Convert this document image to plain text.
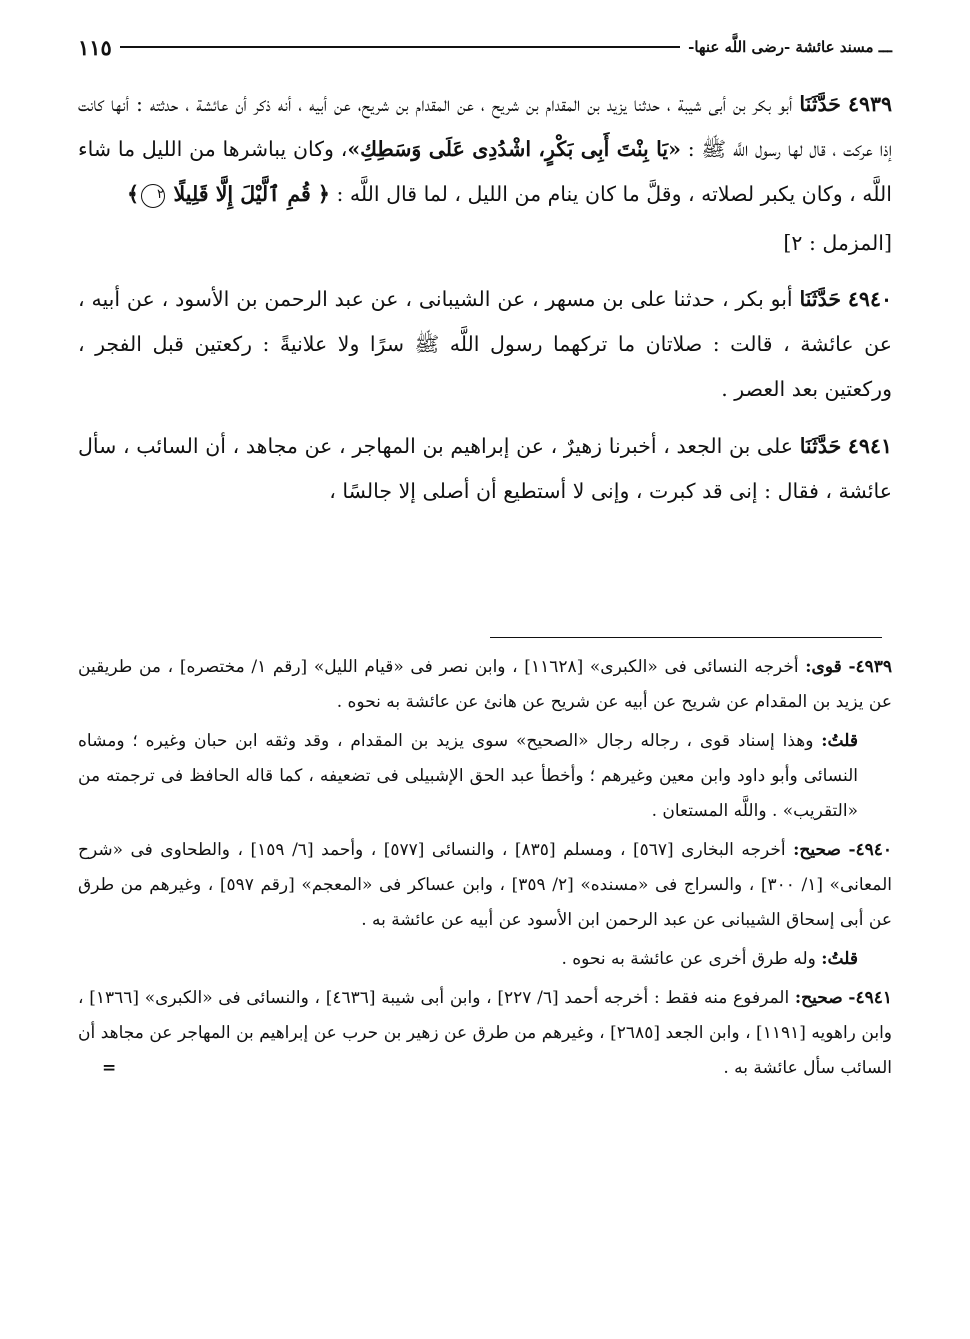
ـــ مسند عائشة -رضى اللَّه عنها-
١١٥

٤٩٣٩ حَدَّثَنَا أبو بكر بن أبى شيبة ، حدثنا يزيد بن المقدام بن شريح ، عن المقدام بن شريح، عن أبيه ، أنه ذكر أن عائشة ، حدثته : أنها كانت إذا عركت ، قال لها رسول اللَّه ﷺ : «يَا بِنْتَ أَبِى بَكْرٍ، اشْدُدِى عَلَى وَسَطِكِ»، وكان يباشرها من الليل ما شاء اللَّه ، وكان يكبر لصلاته ، وقلَّ ما كان ينام من الليل ، لما قال اللَّه : ﴿ قُمِ ٱلَّيْلَ إِلَّا قَلِيلًا ٢﴾

[المزمل : ٢]

٤٩٤٠ حَدَّثَنَا أبو بكر ، حدثنا على بن مسهر ، عن الشيبانى ، عن عبد الرحمن بن الأسود ، عن أبيه ، عن عائشة ، قالت : صلاتان ما تركهما رسول اللَّه ﷺ سرًا ولا علانيةً : ركعتين قبل الفجر ، وركعتين بعد العصر .

٤٩٤١ حَدَّثَنَا على بن الجعد ، أخبرنا زهيرٌ ، عن إبراهيم بن المهاجر ، عن مجاهد ، أن السائب ، سأل عائشة ، فقال : إنى قد كبرت ، وإنى لا أستطيع أن أصلى إلا جالسًا ،

٤٩٣٩- قوى: أخرجه النسائى فى «الكبرى» [١١٦٢٨] ، وابن نصر فى «قيام الليل» [رقم ١/ مختصره] ، من طريقين عن يزيد بن المقدام عن شريح عن أبيه عن شريح عن هانئ عن عائشة به نحوه .

قلتُ: وهذا إسناد قوى ، رجاله رجال «الصحيح» سوى يزيد بن المقدام ، وقد وثقه ابن حبان وغيره ؛ ومشاه النسائى وأبو داود وابن معين وغيرهم ؛ وأخطأ عبد الحق الإشبيلى فى تضعيفه ، كما قاله الحافظ فى ترجمته من «التقريب» . واللَّه المستعان .

٤٩٤٠- صحيح: أخرجه البخارى [٥٦٧] ، ومسلم [٨٣٥] ، والنسائى [٥٧٧] ، وأحمد [٦/ ١٥٩] ، والطحاوى فى «شرح المعانى» [١/ ٣٠٠] ، والسراج فى «مسنده» [٢/ ٣٥٩] ، وابن عساكر فى «المعجم» [رقم ٥٩٧] ، وغيرهم من طرق عن أبى إسحاق الشيبانى عن عبد الرحمن ابن الأسود عن أبيه عن عائشة به .

قلتُ: وله طرق أخرى عن عائشة به نحوه .

٤٩٤١- صحيح: المرفوع منه فقط : أخرجه أحمد [٦/ ٢٢٧] ، وابن أبى شيبة [٤٦٣٦] ، والنسائى فى «الكبرى» [١٣٦٦] ، وابن راهويه [١١٩١] ، وابن الجعد [٢٦٨٥] ، وغيرهم من طرق عن زهير بن حرب عن إبراهيم بن المهاجر عن مجاهد أن السائب سأل عائشة به .
=
